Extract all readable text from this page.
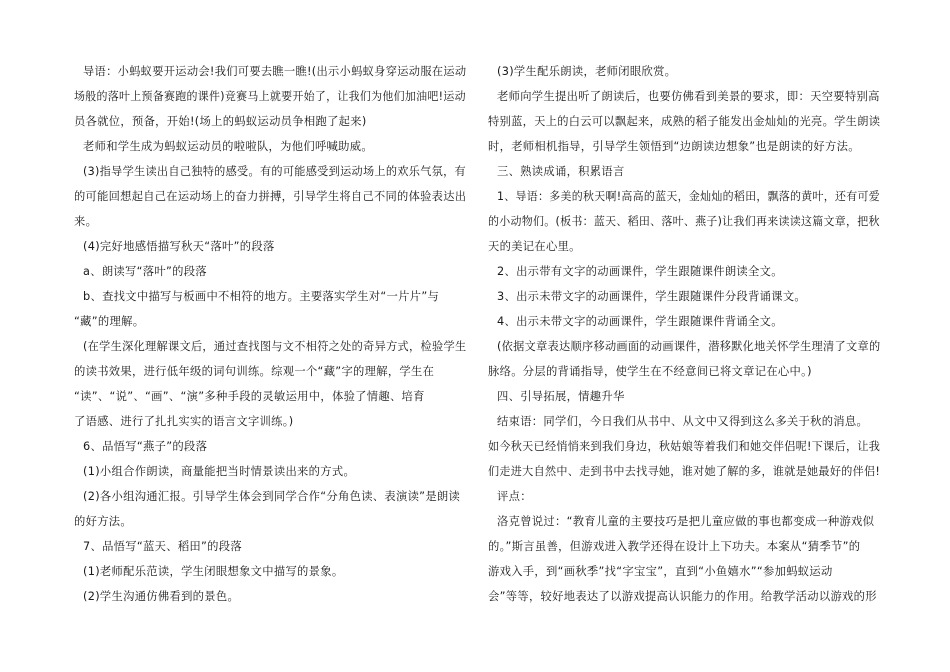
导语：小蚂蚁要开运动会!我们可要去瞧一瞧!(出示小蚂蚁身穿运动服在运动
场般的落叶上预备赛跑的课件)竞赛马上就要开始了，让我们为他们加油吧!运动
员各就位，预备，开始!(场上的蚂蚁运动员争相跑了起来)
老师和学生成为蚂蚁运动员的啦啦队，为他们呼喊助威。
(3)指导学生读出自己独特的感受。有的可能感受到运动场上的欢乐气氛，有
的可能回想起自己在运动场上的奋力拼搏，引导学生将自己不同的体验表达出
来。
(4)完好地感悟描写秋天“落叶”的段落
a、朗读写“落叶”的段落
b、查找文中描写与板画中不相符的地方。主要落实学生对“一片片”与
“藏”的理解。
(在学生深化理解课文后，通过查找图与文不相符之处的奇异方式，检验学生
的读书效果，进行低年级的词句训练。综观一个“藏”字的理解，学生在
“读”、“说”、“画”、“演”多种手段的灵敏运用中，体验了情趣、培育
了语感、进行了扎扎实实的语言文字训练。)
6、品悟写“燕子”的段落
(1)小组合作朗读，商量能把当时情景读出来的方式。
(2)各小组沟通汇报。引导学生体会到同学合作“分角色读、表演读”是朗读
的好方法。
7、品悟写“蓝天、稻田”的段落
(1)老师配乐范读，学生闭眼想象文中描写的景象。
(2)学生沟通仿佛看到的景色。
(3)学生配乐朗读，老师闭眼欣赏。
老师向学生提出听了朗读后，也要仿佛看到美景的要求，即：天空要特别高
特别蓝，天上的白云可以飘起来，成熟的稻子能发出金灿灿的光亮。学生朗读
时，老师相机指导，引导学生领悟到“边朗读边想象”也是朗读的好方法。
三、熟读成诵，积累语言
1、导语：多美的秋天啊!高高的蓝天，金灿灿的稻田，飘落的黄叶，还有可爱
的小动物们。(板书：蓝天、稻田、落叶、燕子)让我们再来读读这篇文章，把秋
天的美记在心里。
2、出示带有文字的动画课件，学生跟随课件朗读全文。
3、出示未带文字的动画课件，学生跟随课件分段背诵课文。
4、出示未带文字的动画课件，学生跟随课件背诵全文。
(依据文章表达顺序移动画面的动画课件，潜移默化地关怀学生理清了文章的
脉络。分层的背诵指导，使学生在不经意间已将文章记在心中。)
四、引导拓展，情趣升华
结束语：同学们，今日我们从书中、从文中又得到这么多关于秋的消息。
如今秋天已经悄悄来到我们身边，秋姑娘等着我们和她交伴侣呢!下课后，让我
们走进大自然中、走到书中去找寻她，谁对她了解的多，谁就是她最好的伴侣!
评点：
洛克曾说过：“教育儿童的主要技巧是把儿童应做的事也都变成一种游戏似
的。”斯言虽善，但游戏进入教学还得在设计上下功夫。本案从“猜季节”的
游戏入手，到“画秋季”找“字宝宝”，直到“小鱼嬉水”“参加蚂蚁运动
会”等等，较好地表达了以游戏提高认识能力的作用。给教学活动以游戏的形
